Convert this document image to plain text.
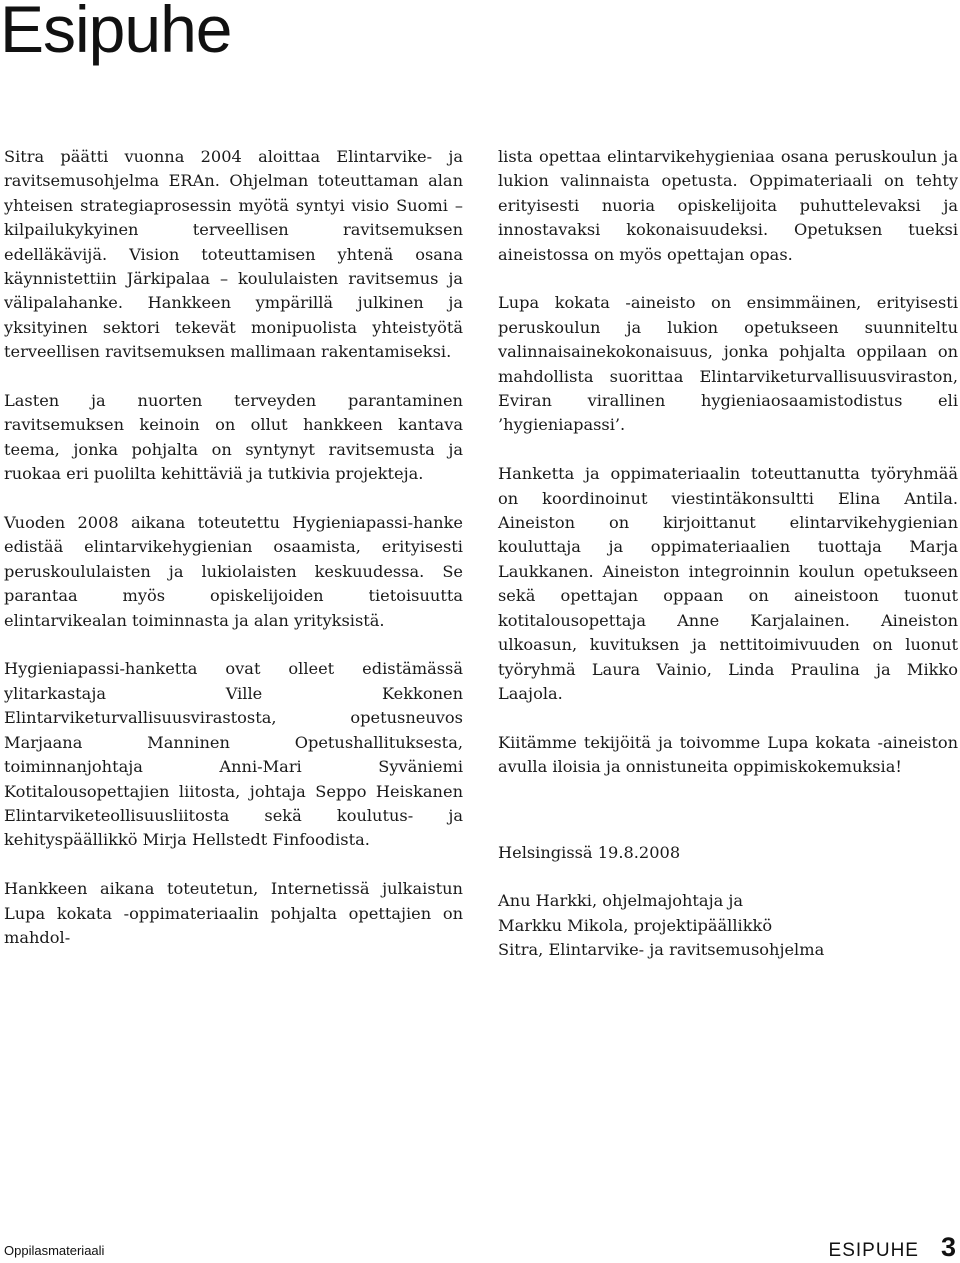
Esipuhe

Sitra päätti vuonna 2004 aloittaa Elintarvike- ja ravitsemusohjelma ERAn. Ohjelman toteuttaman alan yhteisen strategiaprosessin myötä syntyi visio Suomi – kilpailukykyinen terveellisen ravitsemuksen edelläkävijä. Vision toteuttamisen yhtenä osana käynnistettiin Järkipalaa – koululaisten ravitsemus ja välipalahanke. Hankkeen ympärillä julkinen ja yksityinen sektori tekevät monipuolista yhteistyötä terveellisen ravitsemuksen mallimaan rakentamiseksi.

Lasten ja nuorten terveyden parantaminen ravitsemuksen keinoin on ollut hankkeen kantava teema, jonka pohjalta on syntynyt ravitsemusta ja ruokaa eri puolilta kehittäviä ja tutkivia projekteja.

Vuoden 2008 aikana toteutettu Hygieniapassi-hanke edistää elintarvikehygienian osaamista, erityisesti peruskoululaisten ja lukiolaisten keskuudessa. Se parantaa myös opiskelijoiden tietoisuutta elintarvikealan toiminnasta ja alan yrityksistä.

Hygieniapassi-hanketta ovat olleet edistämässä ylitarkastaja Ville Kekkonen Elintarviketurvallisuusvirastosta, opetusneuvos Marjaana Manninen Opetushallituksesta, toiminnanjohtaja Anni-Mari Syväniemi Kotitalousopettajien liitosta, johtaja Seppo Heiskanen Elintarviketeollisuusliitosta sekä koulutus- ja kehityspäällikkö Mirja Hellstedt Finfoodista.

Hankkeen aikana toteutetun, Internetissä julkaistun Lupa kokata -oppimateriaalin pohjalta opettajien on mahdol-

lista opettaa elintarvikehygieniaa osana peruskoulun ja lukion valinnaista opetusta. Oppimateriaali on tehty erityisesti nuoria opiskelijoita puhuttelevaksi ja innostavaksi kokonaisuudeksi. Opetuksen tueksi aineistossa on myös opettajan opas.

Lupa kokata -aineisto on ensimmäinen, erityisesti peruskoulun ja lukion opetukseen suunniteltu valinnaisainekokonaisuus, jonka pohjalta oppilaan on mahdollista suorittaa Elintarviketurvallisuusviraston, Eviran virallinen hygieniaosaamistodistus eli ’hygieniapassi’.

Hanketta ja oppimateriaalin toteuttanutta työryhmää on koordinoinut viestintäkonsultti Elina Antila. Aineiston on kirjoittanut elintarvikehygienian kouluttaja ja oppimateriaalien tuottaja Marja Laukkanen. Aineiston integroinnin koulun opetukseen sekä opettajan oppaan on aineistoon tuonut kotitalousopettaja Anne Karjalainen. Aineiston ulkoasun, kuvituksen ja nettitoimivuuden on luonut työryhmä Laura Vainio, Linda Praulina ja Mikko Laajola.

Kiitämme tekijöitä ja toivomme Lupa kokata -aineiston avulla iloisia ja onnistuneita oppimiskokemuksia!

Helsingissä 19.8.2008

Anu Harkki, ohjelmajohtaja ja

Markku Mikola, projektipäällikkö

Sitra, Elintarvike- ja ravitsemusohjelma

Oppilasmateriaali	ESIPUHE 3
